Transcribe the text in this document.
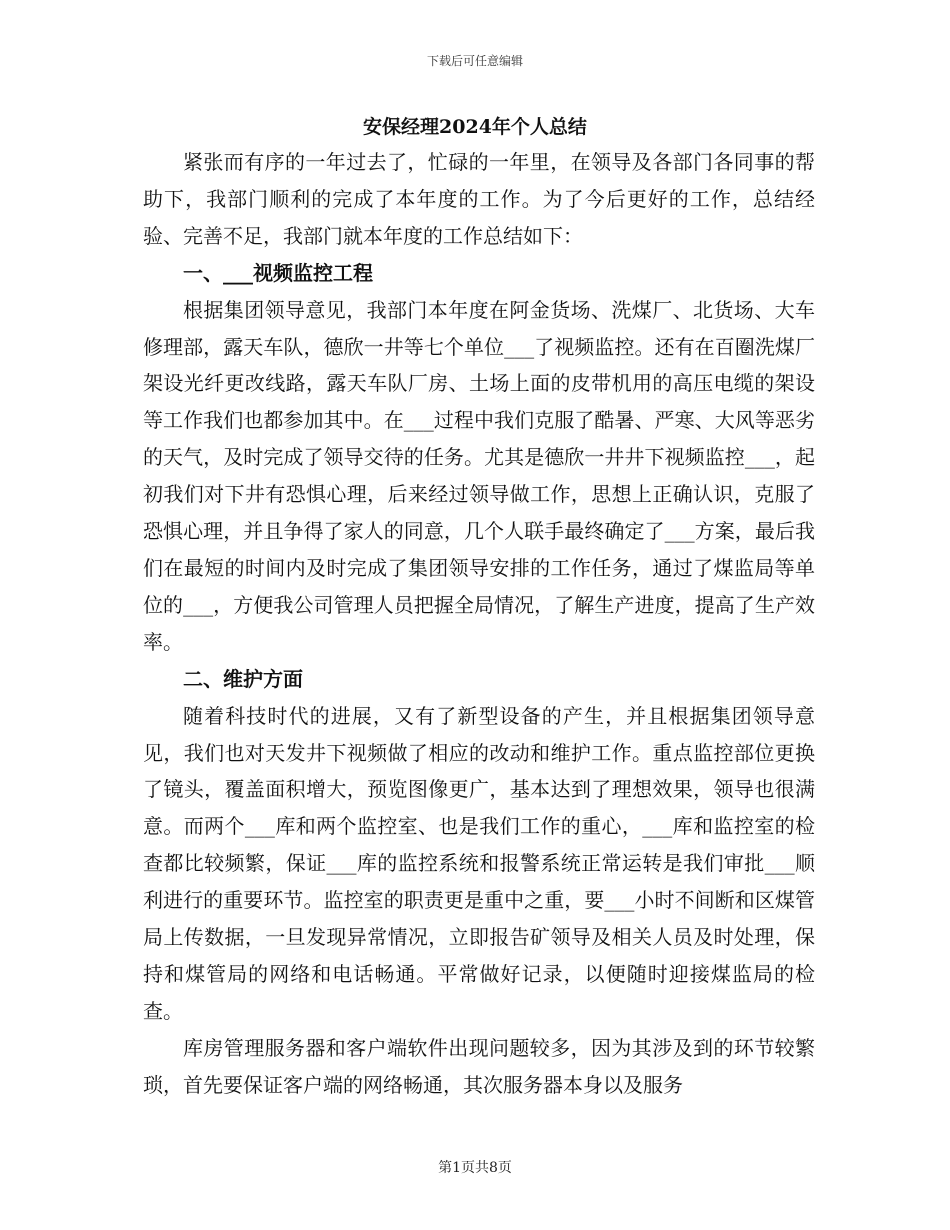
下载后可任意编辑
安保经理2024年个人总结

紧张而有序的一年过去了，忙碌的一年里，在领导及各部门各同事的帮助下，我部门顺利的完成了本年度的工作。为了今后更好的工作，总结经验、完善不足，我部门就本年度的工作总结如下：

一、___视频监控工程

根据集团领导意见，我部门本年度在阿金货场、洗煤厂、北货场、大车修理部，露天车队，德欣一井等七个单位___了视频监控。还有在百圈洗煤厂架设光纤更改线路，露天车队厂房、土场上面的皮带机用的高压电缆的架设等工作我们也都参加其中。在___过程中我们克服了酷暑、严寒、大风等恶劣的天气，及时完成了领导交待的任务。尤其是德欣一井井下视频监控___，起初我们对下井有恐惧心理，后来经过领导做工作，思想上正确认识，克服了恐惧心理，并且争得了家人的同意，几个人联手最终确定了___方案，最后我们在最短的时间内及时完成了集团领导安排的工作任务，通过了煤监局等单位的___，方便我公司管理人员把握全局情况，了解生产进度，提高了生产效率。

二、维护方面

随着科技时代的进展，又有了新型设备的产生，并且根据集团领导意见，我们也对天发井下视频做了相应的改动和维护工作。重点监控部位更换了镜头，覆盖面积增大，预览图像更广，基本达到了理想效果，领导也很满意。而两个___库和两个监控室、也是我们工作的重心，___库和监控室的检查都比较频繁，保证___库的监控系统和报警系统正常运转是我们审批___顺利进行的重要环节。监控室的职责更是重中之重，要___小时不间断和区煤管局上传数据，一旦发现异常情况，立即报告矿领导及相关人员及时处理，保持和煤管局的网络和电话畅通。平常做好记录，以便随时迎接煤监局的检查。

库房管理服务器和客户端软件出现问题较多，因为其涉及到的环节较繁琐，首先要保证客户端的网络畅通，其次服务器本身以及服务

第1页共8页
